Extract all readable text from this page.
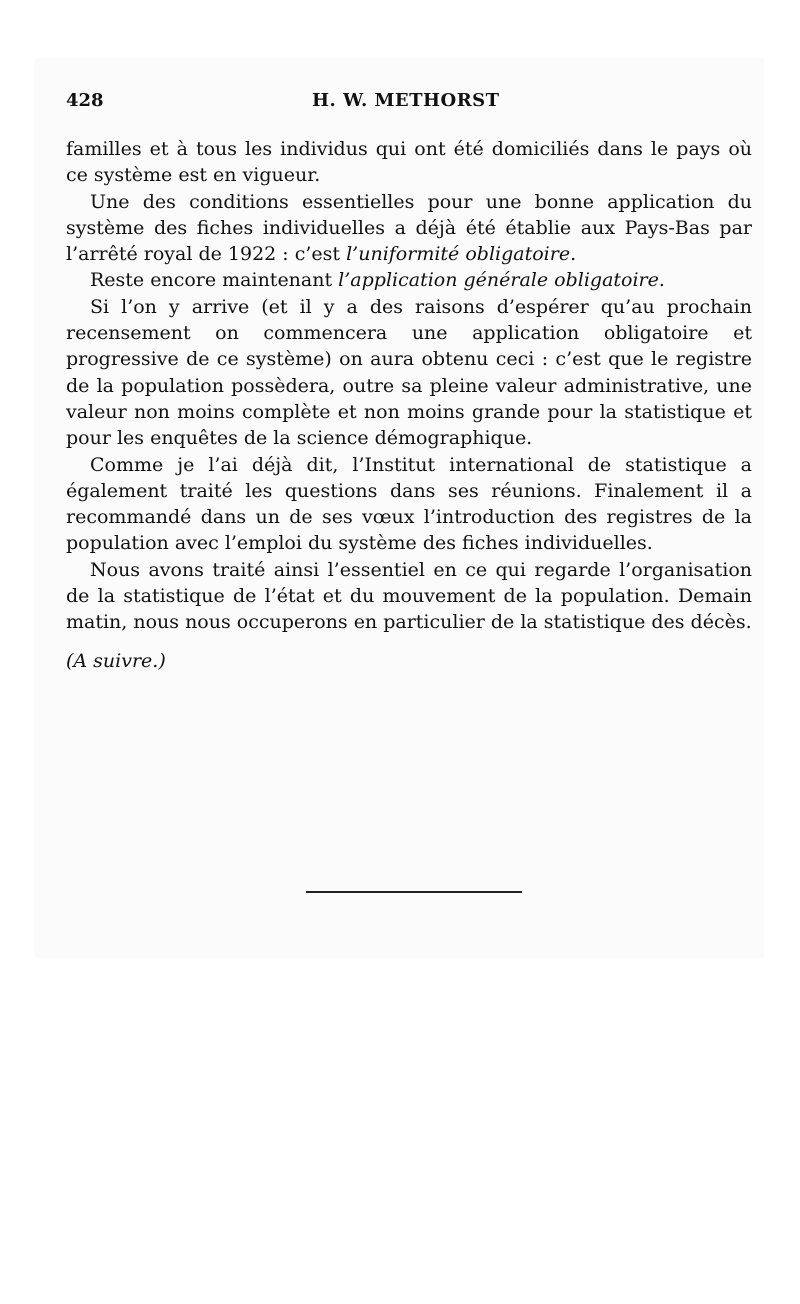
428	H. W. METHORST

familles et à tous les individus qui ont été domiciliés dans le pays où ce système est en vigueur.

Une des conditions essentielles pour une bonne application du système des fiches individuelles a déjà été établie aux Pays-Bas par l’arrêté royal de 1922 : c’est l’uniformité obligatoire.

Reste encore maintenant l’application générale obligatoire.

Si l’on y arrive (et il y a des raisons d’espérer qu’au prochain recensement on commencera une application obligatoire et progressive de ce système) on aura obtenu ceci : c’est que le registre de la population possèdera, outre sa pleine valeur administrative, une valeur non moins complète et non moins grande pour la statistique et pour les enquêtes de la science démographique.

Comme je l’ai déjà dit, l’Institut international de statistique a également traité les questions dans ses réunions. Finalement il a recommandé dans un de ses vœux l’introduction des registres de la population avec l’emploi du système des fiches individuelles.

Nous avons traité ainsi l’essentiel en ce qui regarde l’organisation de la statistique de l’état et du mouvement de la population. Demain matin, nous nous occuperons en particulier de la statistique des décès.

(A suivre.)
